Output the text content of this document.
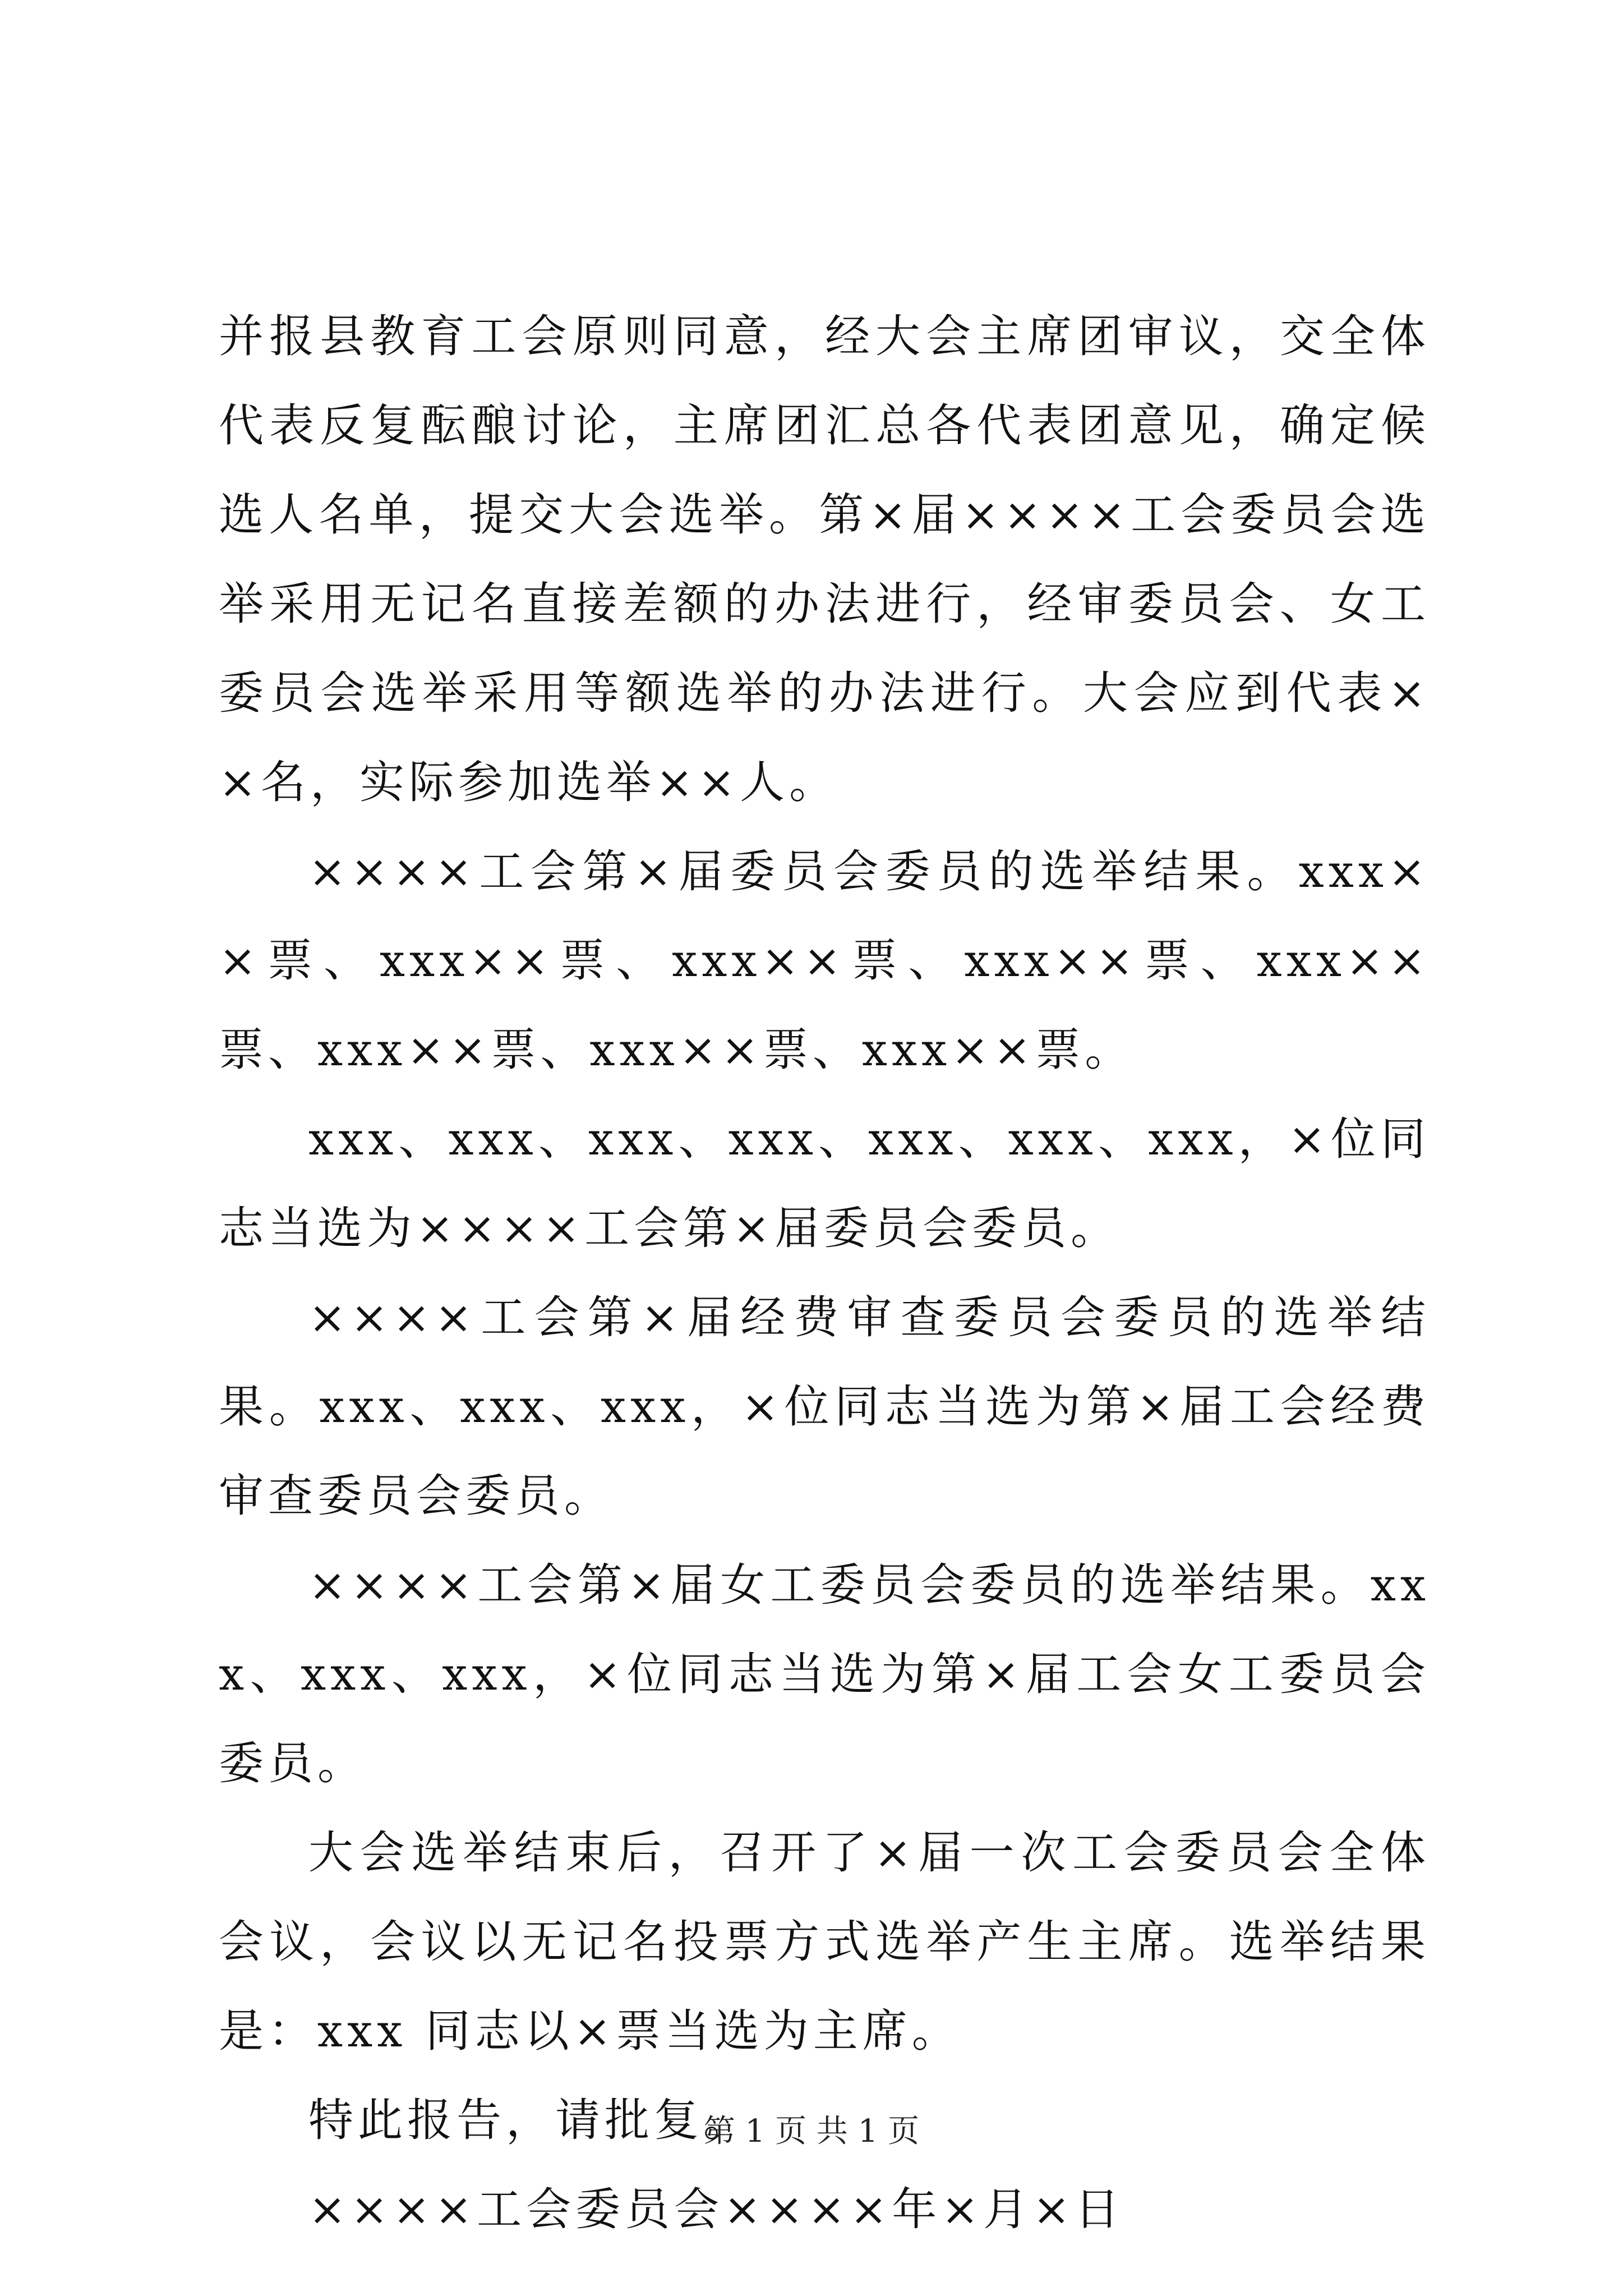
并报县教育工会原则同意，经大会主席团审议，交全体代表反复酝酿讨论，主席团汇总各代表团意见，确定候选人名单，提交大会选举。第×届××××工会委员会选举采用无记名直接差额的办法进行，经审委员会、女工委员会选举采用等额选举的办法进行。大会应到代表××名，实际参加选举××人。

××××工会第×届委员会委员的选举结果。xxx××票、xxx××票、xxx××票、xxx××票、xxx××票、xxx××票、xxx××票、xxx××票。

xxx、xxx、xxx、xxx、xxx、xxx、xxx，×位同志当选为××××工会第×届委员会委员。

××××工会第×届经费审查委员会委员的选举结果。xxx、xxx、xxx，×位同志当选为第×届工会经费审查委员会委员。

××××工会第×届女工委员会委员的选举结果。xxx、xxx、xxx，×位同志当选为第×届工会女工委员会委员。

大会选举结束后，召开了×届一次工会委员会全体会议，会议以无记名投票方式选举产生主席。选举结果是：xxx 同志以×票当选为主席。

特此报告，请批复。

××××工会委员会××××年×月×日

第 1 页 共 1 页
